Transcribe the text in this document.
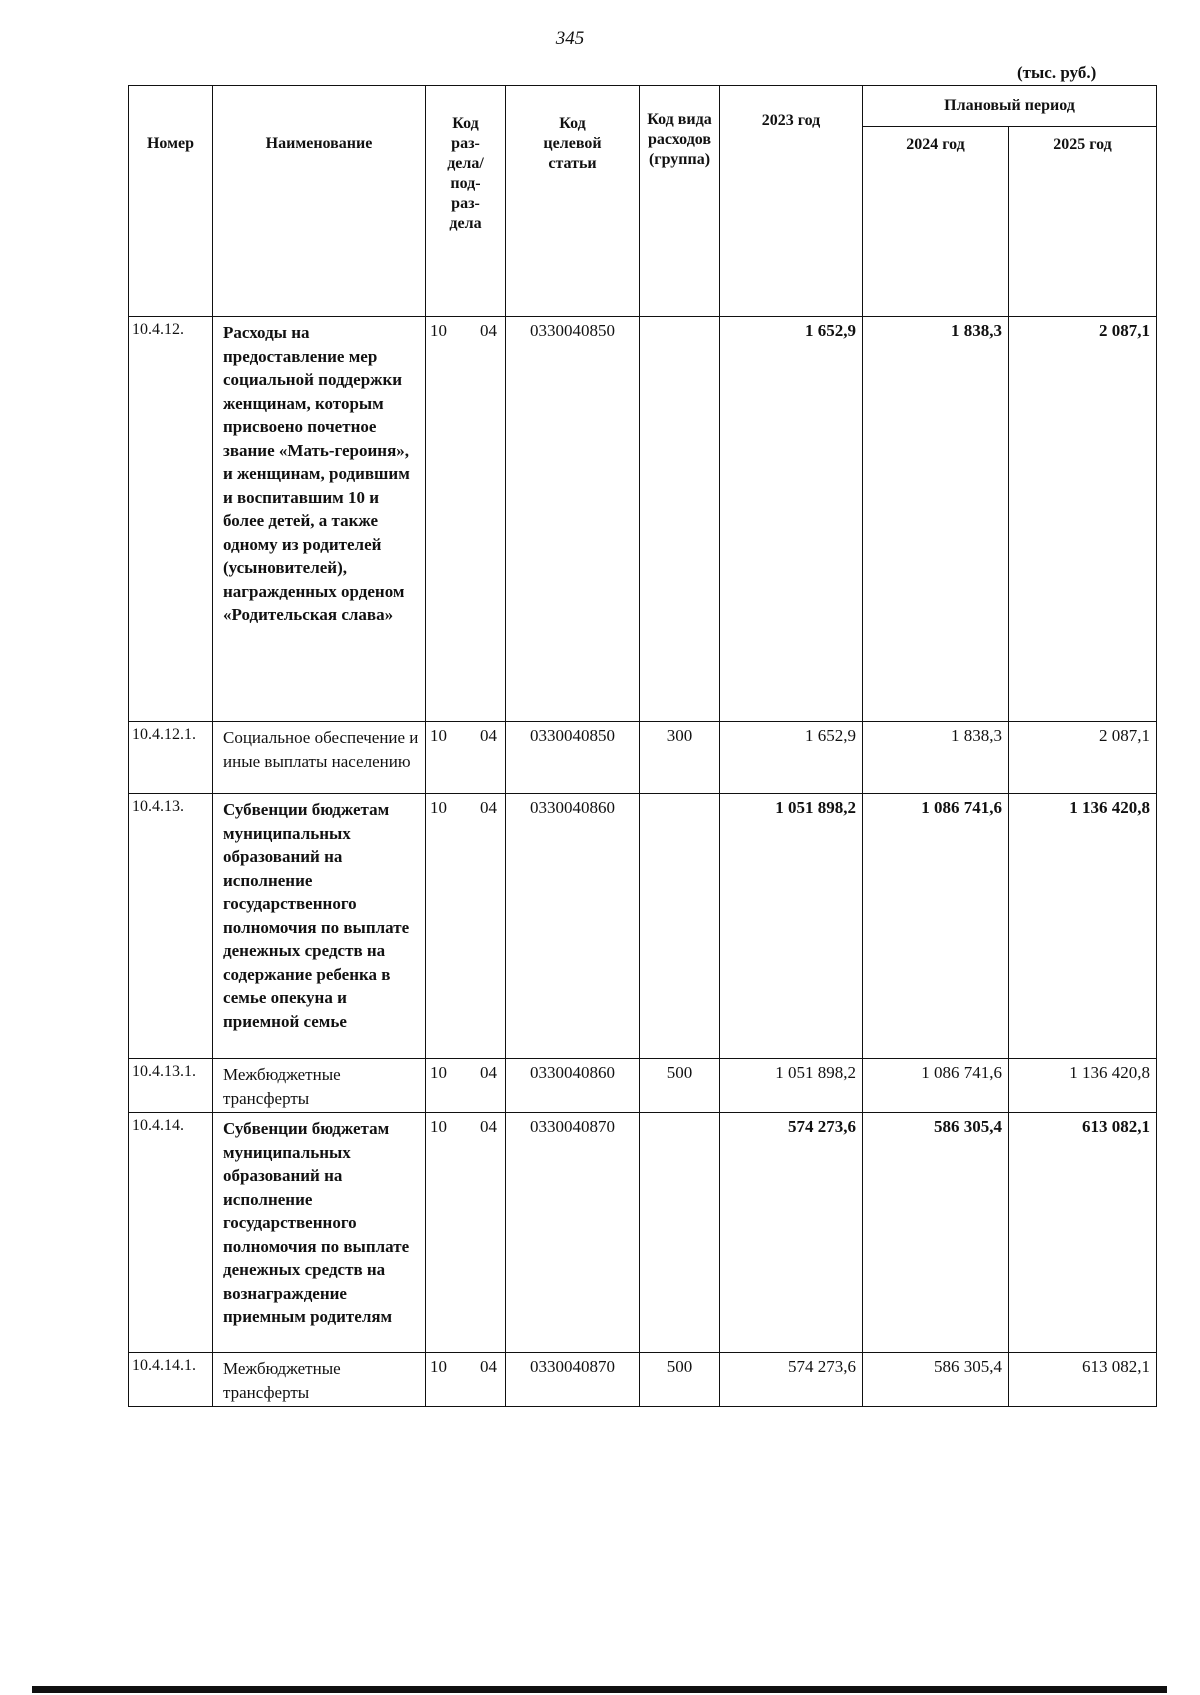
345
(тыс. руб.)
Номер	Наименование	Код раз-дела/ под-раз-дела	Код целевой статьи	Код вида расходов (группа)	2023 год	Плановый период	
						2024 год	2025 год
10.4.12.	Расходы на предоставление мер социальной поддержки женщинам, которым присвоено почетное звание «Мать-героиня», и женщинам, родившим и воспитавшим 10 и более детей, а также одному из родителей (усыновителей), награжденных орденом «Родительская слава»	10 04	0330040850		1 652,9	1 838,3	2 087,1
10.4.12.1.	Социальное обеспечение и иные выплаты населению	10 04	0330040850	300	1 652,9	1 838,3	2 087,1
10.4.13.	Субвенции бюджетам муниципальных образований на исполнение государственного полномочия по выплате денежных средств на содержание ребенка в семье опекуна и приемной семье	10 04	0330040860		1 051 898,2	1 086 741,6	1 136 420,8
10.4.13.1.	Межбюджетные трансферты	10 04	0330040860	500	1 051 898,2	1 086 741,6	1 136 420,8
10.4.14.	Субвенции бюджетам муниципальных образований на исполнение государственного полномочия по выплате денежных средств на вознаграждение приемным родителям	10 04	0330040870		574 273,6	586 305,4	613 082,1
10.4.14.1.	Межбюджетные трансферты	10 04	0330040870	500	574 273,6	586 305,4	613 082,1
